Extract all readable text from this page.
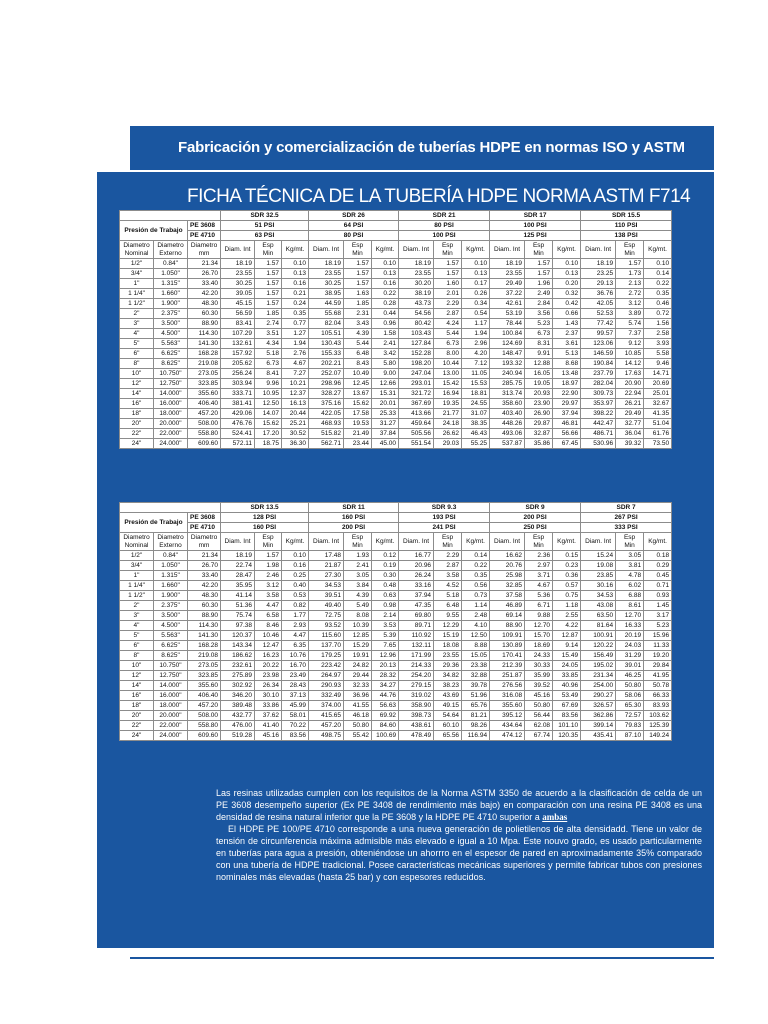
Fabricación y comercialización de tuberías HDPE en normas ISO y ASTM
FICHA TÉCNICA DE LA TUBERÍA HDPE NORMA ASTM F714
			SDR 32.5			SDR 26			SDR 21			SDR 17			SDR 15.5		
Presión de Trabajo		PE 3608	51 PSI			64 PSI			80 PSI			100 PSI			110 PSI		
		PE 4710	63 PSI			80 PSI			100 PSI			125 PSI			138 PSI		
Diametro Nominal	Diametro Externo	Diametro mm	Diam. Int	Esp Min	Kg/mt.	Diam. Int	Esp Min	Kg/mt.	Diam. Int	Esp Min	Kg/mt.	Diam. Int	Esp Min	Kg/mt.	Diam. Int	Esp Min	Kg/mt.
1/2"	0.84"	21.34	18.19	1.57	0.10	18.19	1.57	0.10	18.19	1.57	0.10	18.19	1.57	0.10	18.19	1.57	0.10
3/4"	1.050"	26.70	23.55	1.57	0.13	23.55	1.57	0.13	23.55	1.57	0.13	23.55	1.57	0.13	23.25	1.73	0.14
1"	1.315"	33.40	30.25	1.57	0.16	30.25	1.57	0.16	30.20	1.60	0.17	29.49	1.96	0.20	29.13	2.13	0.22
1 1/4"	1.660"	42.20	39.05	1.57	0.21	38.95	1.63	0.22	38.19	2.01	0.26	37.22	2.49	0.32	36.76	2.72	0.35
1 1/2"	1.900"	48.30	45.15	1.57	0.24	44.59	1.85	0.28	43.73	2.29	0.34	42.61	2.84	0.42	42.05	3.12	0.46
2"	2.375"	60.30	56.59	1.85	0.35	55.68	2.31	0.44	54.56	2.87	0.54	53.19	3.56	0.66	52.53	3.89	0.72
3"	3.500"	88.90	83.41	2.74	0.77	82.04	3.43	0.96	80.42	4.24	1.17	78.44	5.23	1.43	77.42	5.74	1.56
4"	4.500"	114.30	107.29	3.51	1.27	105.51	4.39	1.58	103.43	5.44	1.94	100.84	6.73	2.37	99.57	7.37	2.58
5"	5.563"	141.30	132.61	4.34	1.94	130.43	5.44	2.41	127.84	6.73	2.96	124.69	8.31	3.61	123.06	9.12	3.93
6"	6.625"	168.28	157.92	5.18	2.76	155.33	6.48	3.42	152.28	8.00	4.20	148.47	9.91	5.13	146.59	10.85	5.58
8"	8.625"	219.08	205.62	6.73	4.67	202.21	8.43	5.80	198.20	10.44	7.12	193.32	12.88	8.68	190.84	14.12	9.46
10"	10.750"	273.05	256.24	8.41	7.27	252.07	10.49	9.00	247.04	13.00	11.05	240.94	16.05	13.48	237.79	17.63	14.71
12"	12.750"	323.85	303.94	9.96	10.21	298.96	12.45	12.66	293.01	15.42	15.53	285.75	19.05	18.97	282.04	20.90	20.69
14"	14.000"	355.60	333.71	10.95	12.37	328.27	13.67	15.31	321.72	16.94	18.81	313.74	20.93	22.90	309.73	22.94	25.01
16"	16.000"	406.40	381.41	12.50	16.13	375.16	15.62	20.01	367.69	19.35	24.55	358.60	23.90	29.97	353.97	26.21	32.67
18"	18.000"	457.20	429.06	14.07	20.44	422.05	17.58	25.33	413.66	21.77	31.07	403.40	26.90	37.94	398.22	29.49	41.35
20"	20.000"	508.00	476.76	15.62	25.21	468.93	19.53	31.27	459.64	24.18	38.35	448.26	29.87	46.81	442.47	32.77	51.04
22"	22.000"	558.80	524.41	17.20	30.52	515.82	21.49	37.84	505.56	26.62	46.43	493.06	32.87	56.66	486.71	36.04	61.76
24"	24.000"	609.60	572.11	18.75	36.30	562.71	23.44	45.00	551.54	29.03	55.25	537.87	35.86	67.45	530.96	39.32	73.50
			SDR 13.5			SDR 11			SDR 9.3			SDR 9			SDR 7		
Presión de Trabajo		PE 3608	128 PSI			160 PSI			193 PSI			200 PSI			267 PSI		
		PE 4710	160 PSI			200 PSI			241 PSI			250 PSI			333 PSI		
Diametro Nominal	Diametro Externo	Diametro mm	Diam. Int	Esp Min	Kg/mt.	Diam. Int	Esp Min	Kg/mt.	Diam. Int	Esp Min	Kg/mt.	Diam. Int	Esp Min	Kg/mt.	Diam. Int	Esp Min	Kg/mt.
1/2"	0.84"	21.34	18.19	1.57	0.10	17.48	1.93	0.12	16.77	2.29	0.14	16.62	2.36	0.15	15.24	3.05	0.18
3/4"	1.050"	26.70	22.74	1.98	0.16	21.87	2.41	0.19	20.96	2.87	0.22	20.76	2.97	0.23	19.08	3.81	0.29
1"	1.315"	33.40	28.47	2.46	0.25	27.30	3.05	0.30	26.24	3.58	0.35	25.98	3.71	0.36	23.85	4.78	0.45
1 1/4"	1.660"	42.20	35.95	3.12	0.40	34.53	3.84	0.48	33.16	4.52	0.56	32.85	4.67	0.57	30.16	6.02	0.71
1 1/2"	1.900"	48.30	41.14	3.58	0.53	39.51	4.39	0.63	37.94	5.18	0.73	37.58	5.36	0.75	34.53	6.88	0.93
2"	2.375"	60.30	51.36	4.47	0.82	49.40	5.49	0.98	47.35	6.48	1.14	46.89	6.71	1.18	43.08	8.61	1.45
3"	3.500"	88.90	75.74	6.58	1.77	72.75	8.08	2.14	69.80	9.55	2.48	69.14	9.88	2.55	63.50	12.70	3.17
4"	4.500"	114.30	97.38	8.46	2.93	93.52	10.39	3.53	89.71	12.29	4.10	88.90	12.70	4.22	81.64	16.33	5.23
5"	5.563"	141.30	120.37	10.46	4.47	115.60	12.85	5.39	110.92	15.19	12.50	109.91	15.70	12.87	100.91	20.19	15.96
6"	6.625"	168.28	143.34	12.47	6.35	137.70	15.29	7.65	132.11	18.08	8.88	130.89	18.69	9.14	120.22	24.03	11.33
8"	8.625"	219.08	186.62	16.23	10.76	179.25	19.91	12.96	171.99	23.55	15.05	170.41	24.33	15.49	156.49	31.29	19.20
10"	10.750"	273.05	232.61	20.22	16.70	223.42	24.82	20.13	214.33	29.36	23.38	212.39	30.33	24.05	195.02	39.01	29.84
12"	12.750"	323.85	275.89	23.98	23.49	264.97	29.44	28.32	254.20	34.82	32.88	251.87	35.99	33.85	231.34	46.25	41.95
14"	14.000"	355.60	302.92	26.34	28.43	290.93	32.33	34.27	279.15	38.23	39.78	276.56	39.52	40.96	254.00	50.80	50.78
16"	16.000"	406.40	346.20	30.10	37.13	332.49	36.96	44.76	319.02	43.69	51.96	316.08	45.16	53.49	290.27	58.06	66.33
18"	18.000"	457.20	389.48	33.86	45.99	374.00	41.55	56.63	358.90	49.15	65.76	355.60	50.80	67.69	326.57	65.30	83.93
20"	20.000"	508.00	432.77	37.62	58.01	415.65	46.18	69.92	398.73	54.64	81.21	395.12	56.44	83.56	362.86	72.57	103.62
22"	22.000"	558.80	476.00	41.40	70.22	457.20	50.80	84.60	438.61	60.10	98.26	434.64	62.08	101.10	399.14	79.83	125.39
24"	24.000"	609.60	519.28	45.16	83.56	498.75	55.42	100.69	478.49	65.56	116.94	474.12	67.74	120.35	435.41	87.10	149.24

Las resinas utilizadas cumplen con los requisitos de la Norma ASTM 3350 de acuerdo a la clasificación de celda de un PE 3608 desempeño superior (Ex PE 3408 de rendimiento más bajo) en comparación con una resina PE 3408 es una densidad de resina natural inferior que la PE 3608 y la HDPE PE 4710 superior a ambas

El HDPE PE 100/PE 4710 corresponde a una nueva generación de polietilenos de alta densidadd. Tiene un valor de tensión de circunferencia máxima admisible más elevado e igual a 10 Mpa. Este nouvo grado, es usado particularmente en tuberías para agua a presión, obteniéndose un ahorrro en el espesor de pared en aproximadamente 35% comparado con una tubería de HDPE tradicional. Posee características mecánicas superiores y permite fabricar tubos con presiones nominales más elevadas (hasta 25 bar) y con espesores reducidos.
